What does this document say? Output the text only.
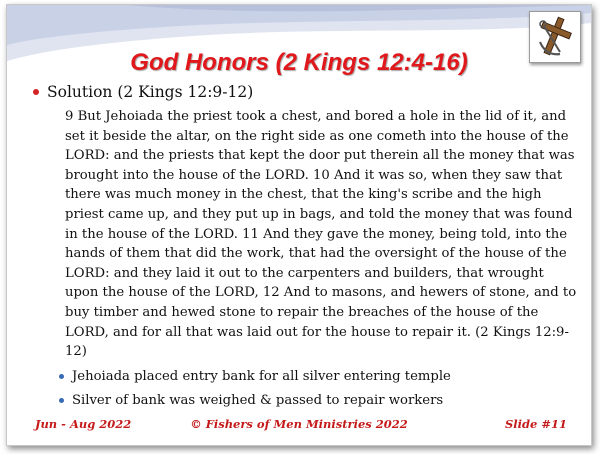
God Honors (2 Kings 12:4-16)
Solution (2 Kings 12:9-12)
9 But Jehoiada the priest took a chest, and bored a hole in the lid of it, and set it beside the altar, on the right side as one cometh into the house of the LORD: and the priests that kept the door put therein all the money that was brought into the house of the LORD. 10 And it was so, when they saw that there was much money in the chest, that the king's scribe and the high priest came up, and they put up in bags, and told the money that was found in the house of the LORD. 11 And they gave the money, being told, into the hands of them that did the work, that had the oversight of the house of the LORD: and they laid it out to the carpenters and builders, that wrought upon the house of the LORD, 12 And to masons, and hewers of stone, and to buy timber and hewed stone to repair the breaches of the house of the LORD, and for all that was laid out for the house to repair it. (2 Kings 12:9-12)
Jehoiada placed entry bank for all silver entering temple
Silver of bank was weighed & passed to repair workers
Jun - Aug 2022	© Fishers of Men Ministries 2022	Slide #11
